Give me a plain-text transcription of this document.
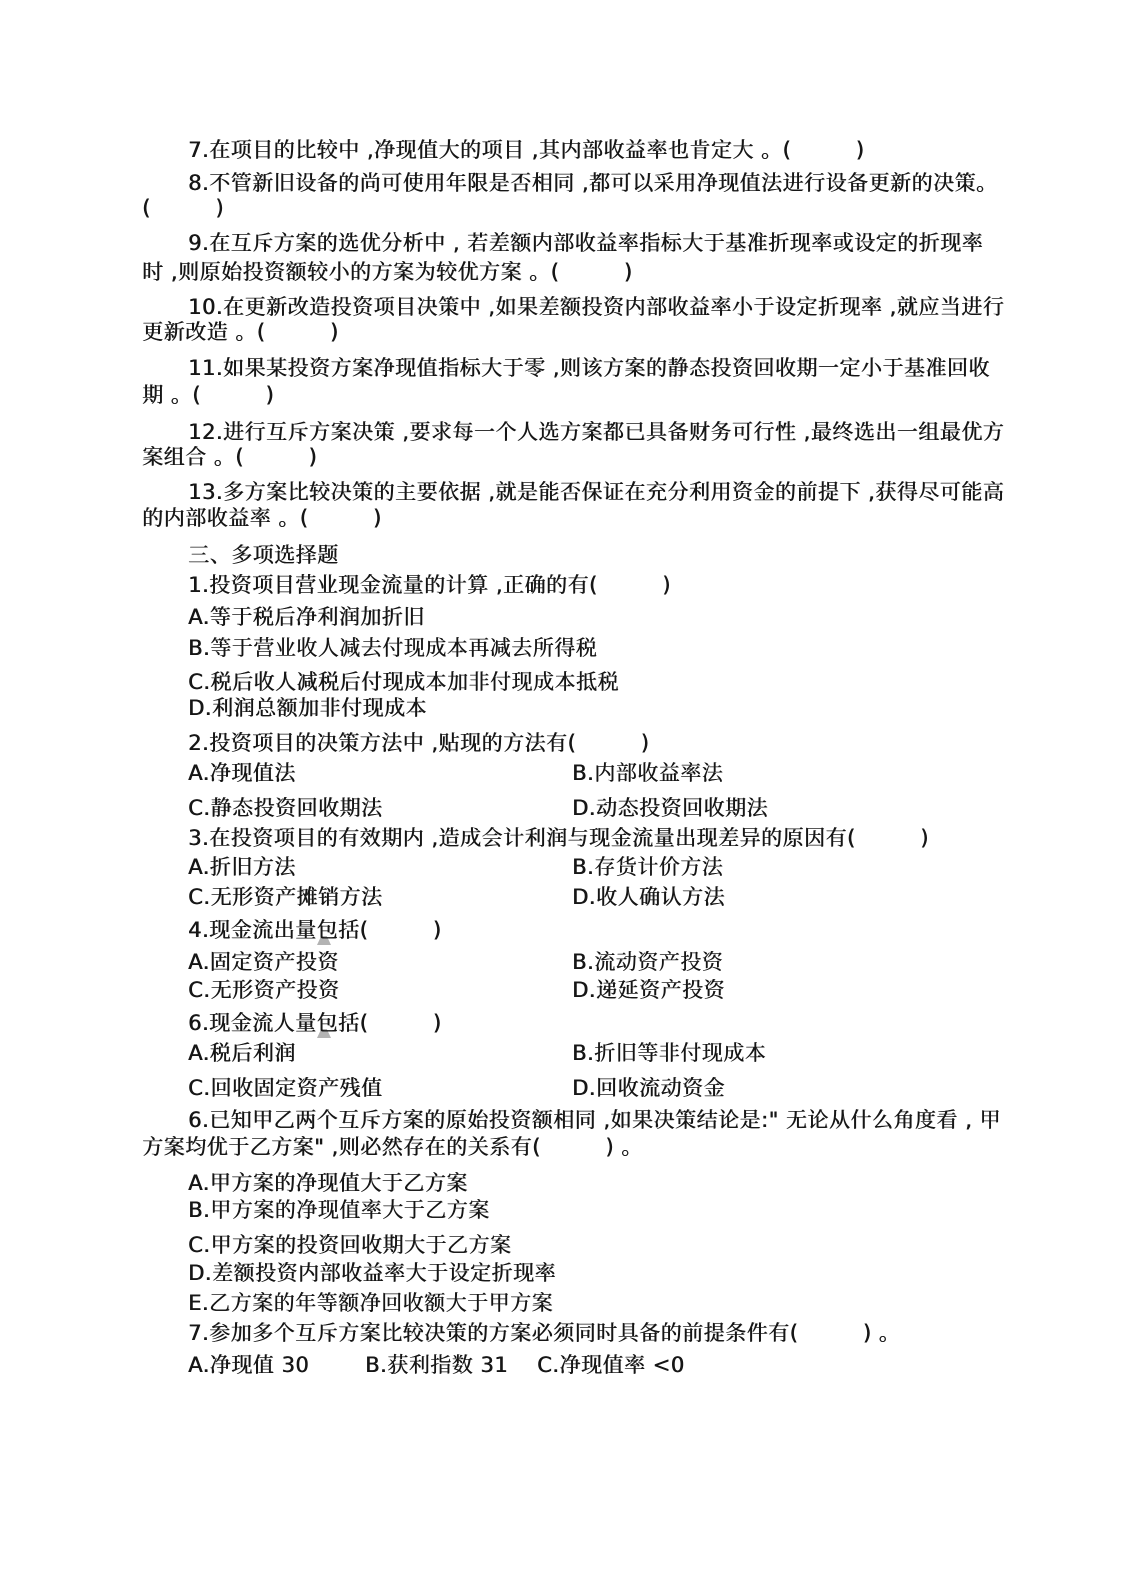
7.在项目的比较中 ,净现值大的项目 ,其内部收益率也肯定大 。(　　　)
8.不管新旧设备的尚可使用年限是否相同 ,都可以采用净现值法进行设备更新的决策。
(　　　)
9.在互斥方案的选优分析中 , 若差额内部收益率指标大于基准折现率或设定的折现率
时 ,则原始投资额较小的方案为较优方案 。(　　　)
10.在更新改造投资项目决策中 ,如果差额投资内部收益率小于设定折现率 ,就应当进行
更新改造 。(　　　)
11.如果某投资方案净现值指标大于零 ,则该方案的静态投资回收期一定小于基准回收
期 。(　　　)
12.进行互斥方案决策 ,要求每一个人选方案都已具备财务可行性 ,最终选出一组最优方
案组合 。(　　　)
13.多方案比较决策的主要依据 ,就是能否保证在充分利用资金的前提下 ,获得尽可能高
的内部收益率 。(　　　)
三、多项选择题
1.投资项目营业现金流量的计算 ,正确的有(　　　)
A.等于税后净利润加折旧
B.等于营业收人减去付现成本再减去所得税
C.税后收人减税后付现成本加非付现成本抵税
D.利润总额加非付现成本
2.投资项目的决策方法中 ,贴现的方法有(　　　)
A.净现值法	B.内部收益率法
C.静态投资回收期法	D.动态投资回收期法
3.在投资项目的有效期内 ,造成会计利润与现金流量出现差异的原因有(　　　)
A.折旧方法	B.存货计价方法
C.无形资产摊销方法	D.收人确认方法
4.现金流出量包括(　　　)
A.固定资产投资	B.流动资产投资
C.无形资产投资	D.递延资产投资
6.现金流人量包括(　　　)
A.税后利润	B.折旧等非付现成本
C.回收固定资产残值	D.回收流动资金
6.已知甲乙两个互斥方案的原始投资额相同 ,如果决策结论是:" 无论从什么角度看 , 甲
方案均优于乙方案" ,则必然存在的关系有(　　　) 。
A.甲方案的净现值大于乙方案
B.甲方案的净现值率大于乙方案
C.甲方案的投资回收期大于乙方案
D.差额投资内部收益率大于设定折现率
E.乙方案的年等额净回收额大于甲方案
7.参加多个互斥方案比较决策的方案必须同时具备的前提条件有(　　　) 。
A.净现值 30	B.获利指数 31 C.净现值率 <0
